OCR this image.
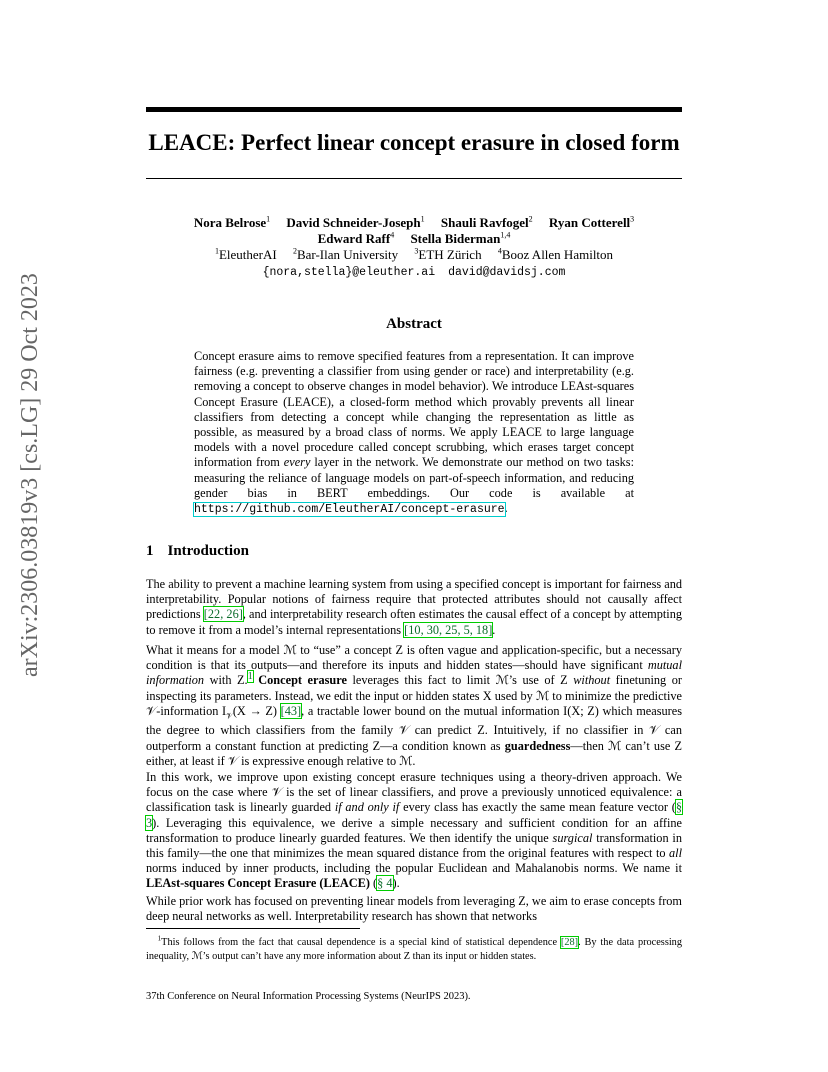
arXiv:2306.03819v3 [cs.LG] 29 Oct 2023
LEACE: Perfect linear concept erasure in closed form
Nora Belrose$^1$ David Schneider-Joseph$^1$ Shauli Ravfogel$^2$ Ryan Cotterell$^3$
Edward Raff$^4$ Stella Biderman$^{1,4}$
$^1$EleutherAI $^2$Bar-Ilan University $^3$ETH Zürich $^4$Booz Allen Hamilton
{nora,stella}@eleuther.ai david@davidsj.com
Abstract
Concept erasure aims to remove specified features from a representation. It can improve fairness (e.g. preventing a classifier from using gender or race) and interpretability (e.g. removing a concept to observe changes in model behavior). We introduce LEAst-squares Concept Erasure (LEACE), a closed-form method which provably prevents all linear classifiers from detecting a concept while changing the representation as little as possible, as measured by a broad class of norms. We apply LEACE to large language models with a novel procedure called concept scrubbing, which erases target concept information from every layer in the network. We demonstrate our method on two tasks: measuring the reliance of language models on part-of-speech information, and reducing gender bias in BERT embeddings. Our code is available at https://github.com/EleutherAI/concept-erasure.
1 Introduction
The ability to prevent a machine learning system from using a specified concept is important for fairness and interpretability. Popular notions of fairness require that protected attributes should not causally affect predictions [22, 26], and interpretability research often estimates the causal effect of a concept by attempting to remove it from a model’s internal representations [10, 30, 25, 5, 18].
What it means for a model ℳ to “use” a concept Z is often vague and application-specific, but a necessary condition is that its outputs—and therefore its inputs and hidden states—should have significant mutual information with Z.$^1$ Concept erasure leverages this fact to limit ℳ’s use of Z without finetuning or inspecting its parameters. Instead, we edit the input or hidden states X used by ℳ to minimize the predictive 𝒱-information $I_𝒱(X \to Z)$ [43], a tractable lower bound on the mutual information I(X; Z) which measures the degree to which classifiers from the family 𝒱 can predict Z. Intuitively, if no classifier in 𝒱 can outperform a constant function at predicting Z—a condition known as guardedness—then ℳ can’t use Z either, at least if 𝒱 is expressive enough relative to ℳ.
In this work, we improve upon existing concept erasure techniques using a theory-driven approach. We focus on the case where 𝒱 is the set of linear classifiers, and prove a previously unnoticed equivalence: a classification task is linearly guarded if and only if every class has exactly the same mean feature vector (§ 3). Leveraging this equivalence, we derive a simple necessary and sufficient condition for an affine transformation to produce linearly guarded features. We then identify the unique surgical transformation in this family—the one that minimizes the mean squared distance from the original features with respect to all norms induced by inner products, including the popular Euclidean and Mahalanobis norms. We name it LEAst-squares Concept Erasure (LEACE) (§ 4).
While prior work has focused on preventing linear models from leveraging Z, we aim to erase concepts from deep neural networks as well. Interpretability research has shown that networks
$^1$This follows from the fact that causal dependence is a special kind of statistical dependence [28]. By the data processing inequality, ℳ’s output can’t have any more information about Z than its input or hidden states.
37th Conference on Neural Information Processing Systems (NeurIPS 2023).
